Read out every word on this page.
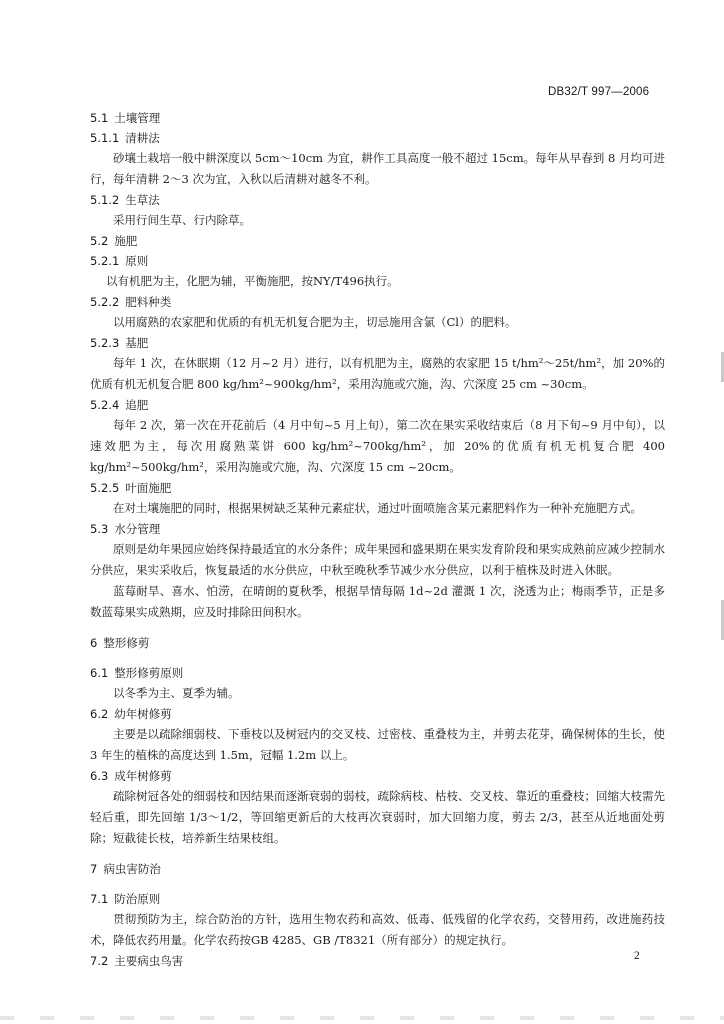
DB32/T 997—2006
5.1 土壤管理
5.1.1 清耕法
砂壤土栽培一般中耕深度以 5cm～10cm 为宜，耕作工具高度一般不超过 15cm。每年从早春到 8 月均可进行，每年清耕 2～3 次为宜，入秋以后清耕对越冬不利。
5.1.2 生草法
采用行间生草、行内除草。
5.2 施肥
5.2.1 原则
以有机肥为主，化肥为辅，平衡施肥，按NY/T496执行。
5.2.2 肥料种类
以用腐熟的农家肥和优质的有机无机复合肥为主，切忌施用含氯（Cl）的肥料。
5.2.3 基肥
每年 1 次，在休眠期（12 月~2 月）进行，以有机肥为主，腐熟的农家肥 15 t/hm²～25t/hm²，加 20%的优质有机无机复合肥 800 kg/hm²~900kg/hm²，采用沟施或穴施，沟、穴深度 25 cm ~30cm。
5.2.4 追肥
每年 2 次，第一次在开花前后（4 月中旬~5 月上旬），第二次在果实采收结束后（8 月下旬~9 月中旬），以速效肥为主，每次用腐熟菜饼 600 kg/hm²~700kg/hm²，加 20%的优质有机无机复合肥 400 kg/hm²~500kg/hm²，采用沟施或穴施，沟、穴深度 15 cm ~20cm。
5.2.5 叶面施肥
在对土壤施肥的同时，根据果树缺乏某种元素症状，通过叶面喷施含某元素肥料作为一种补充施肥方式。
5.3 水分管理
原则是幼年果园应始终保持最适宜的水分条件；成年果园和盛果期在果实发育阶段和果实成熟前应减少控制水分供应，果实采收后，恢复最适的水分供应，中秋至晚秋季节减少水分供应，以利于植株及时进入休眠。
蓝莓耐旱、喜水、怕涝，在晴朗的夏秋季，根据旱情每隔 1d~2d 灌溉 1 次，浇透为止；梅雨季节，正是多数蓝莓果实成熟期，应及时排除田间积水。
6 整形修剪
6.1 整形修剪原则
以冬季为主、夏季为辅。
6.2 幼年树修剪
主要是以疏除细弱枝、下垂枝以及树冠内的交叉枝、过密枝、重叠枝为主，并剪去花芽，确保树体的生长，使 3 年生的植株的高度达到 1.5m，冠幅 1.2m 以上。
6.3 成年树修剪
疏除树冠各处的细弱枝和因结果而逐渐衰弱的弱枝，疏除病枝、枯枝、交叉枝、靠近的重叠枝；回缩大枝需先轻后重，即先回缩 1/3～1/2，等回缩更新后的大枝再次衰弱时，加大回缩力度，剪去 2/3，甚至从近地面处剪除；短截徒长枝，培养新生结果枝组。
7 病虫害防治
7.1 防治原则
贯彻预防为主，综合防治的方针，选用生物农药和高效、低毒、低残留的化学农药，交替用药，改进施药技术，降低农药用量。化学农药按GB 4285、GB /T8321（所有部分）的规定执行。
7.2 主要病虫鸟害	2
